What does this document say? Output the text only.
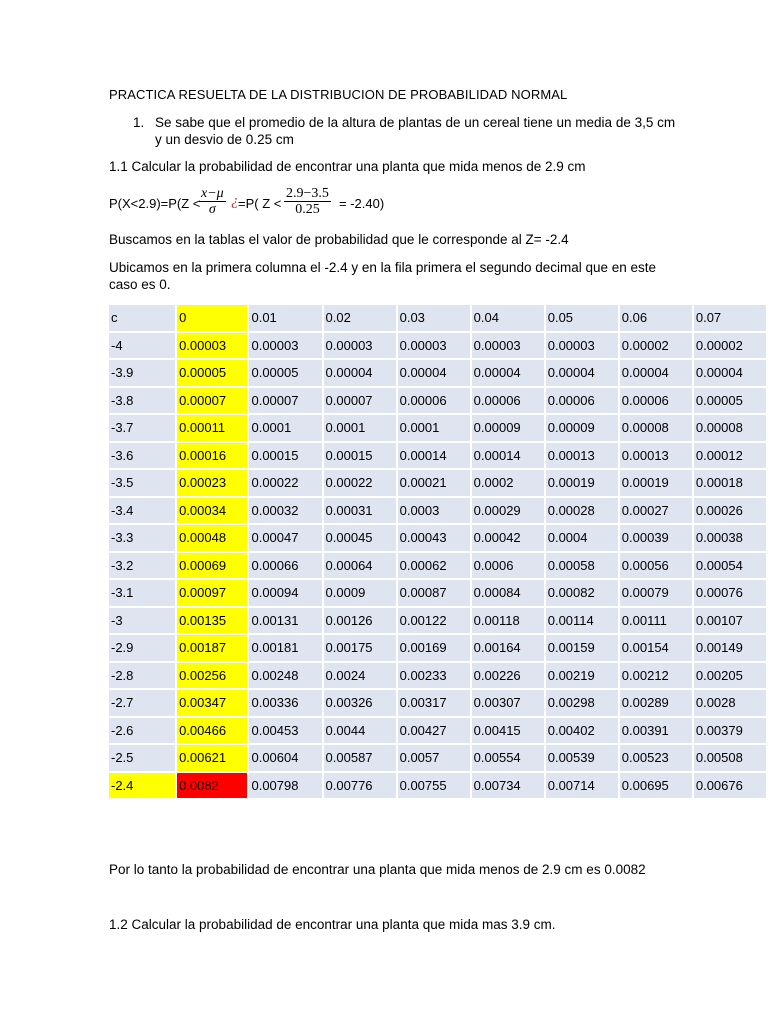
PRACTICA RESUELTA DE LA DISTRIBUCION DE PROBABILIDAD NORMAL
1. Se sabe que el promedio de la altura de plantas de un cereal tiene un media de 3,5 cm
y un desvio de 0.25 cm
1.1 Calcular la probabilidad de encontrar una planta que mida menos de 2.9 cm
P(X<2.9)=P(Z <
$\frac{x-\mu}{\sigma}$ ¿ =P( $Z < \frac{2.9-3.5}{0.25} = -2.40$)
Buscamos en la tablas el valor de probabilidad que le corresponde al Z= -2.4
Ubicamos en la primera columna el -2.4 y en la fila primera el segundo decimal que en este
caso es 0.
c	0	0.01	0.02	0.03	0.04	0.05	0.06	0.07
-4	0.00003	0.00003	0.00003	0.00003	0.00003	0.00003	0.00002	0.00002
-3.9	0.00005	0.00005	0.00004	0.00004	0.00004	0.00004	0.00004	0.00004
-3.8	0.00007	0.00007	0.00007	0.00006	0.00006	0.00006	0.00006	0.00005
-3.7	0.00011	0.0001	0.0001	0.0001	0.00009	0.00009	0.00008	0.00008
-3.6	0.00016	0.00015	0.00015	0.00014	0.00014	0.00013	0.00013	0.00012
-3.5	0.00023	0.00022	0.00022	0.00021	0.0002	0.00019	0.00019	0.00018
-3.4	0.00034	0.00032	0.00031	0.0003	0.00029	0.00028	0.00027	0.00026
-3.3	0.00048	0.00047	0.00045	0.00043	0.00042	0.0004	0.00039	0.00038
-3.2	0.00069	0.00066	0.00064	0.00062	0.0006	0.00058	0.00056	0.00054
-3.1	0.00097	0.00094	0.0009	0.00087	0.00084	0.00082	0.00079	0.00076
-3	0.00135	0.00131	0.00126	0.00122	0.00118	0.00114	0.00111	0.00107
-2.9	0.00187	0.00181	0.00175	0.00169	0.00164	0.00159	0.00154	0.00149
-2.8	0.00256	0.00248	0.0024	0.00233	0.00226	0.00219	0.00212	0.00205
-2.7	0.00347	0.00336	0.00326	0.00317	0.00307	0.00298	0.00289	0.0028
-2.6	0.00466	0.00453	0.0044	0.00427	0.00415	0.00402	0.00391	0.00379
-2.5	0.00621	0.00604	0.00587	0.0057	0.00554	0.00539	0.00523	0.00508
-2.4	0.0082	0.00798	0.00776	0.00755	0.00734	0.00714	0.00695	0.00676
Por lo tanto la probabilidad de encontrar una planta que mida menos de 2.9 cm es 0.0082
1.2 Calcular la probabilidad de encontrar una planta que mida mas 3.9 cm.
